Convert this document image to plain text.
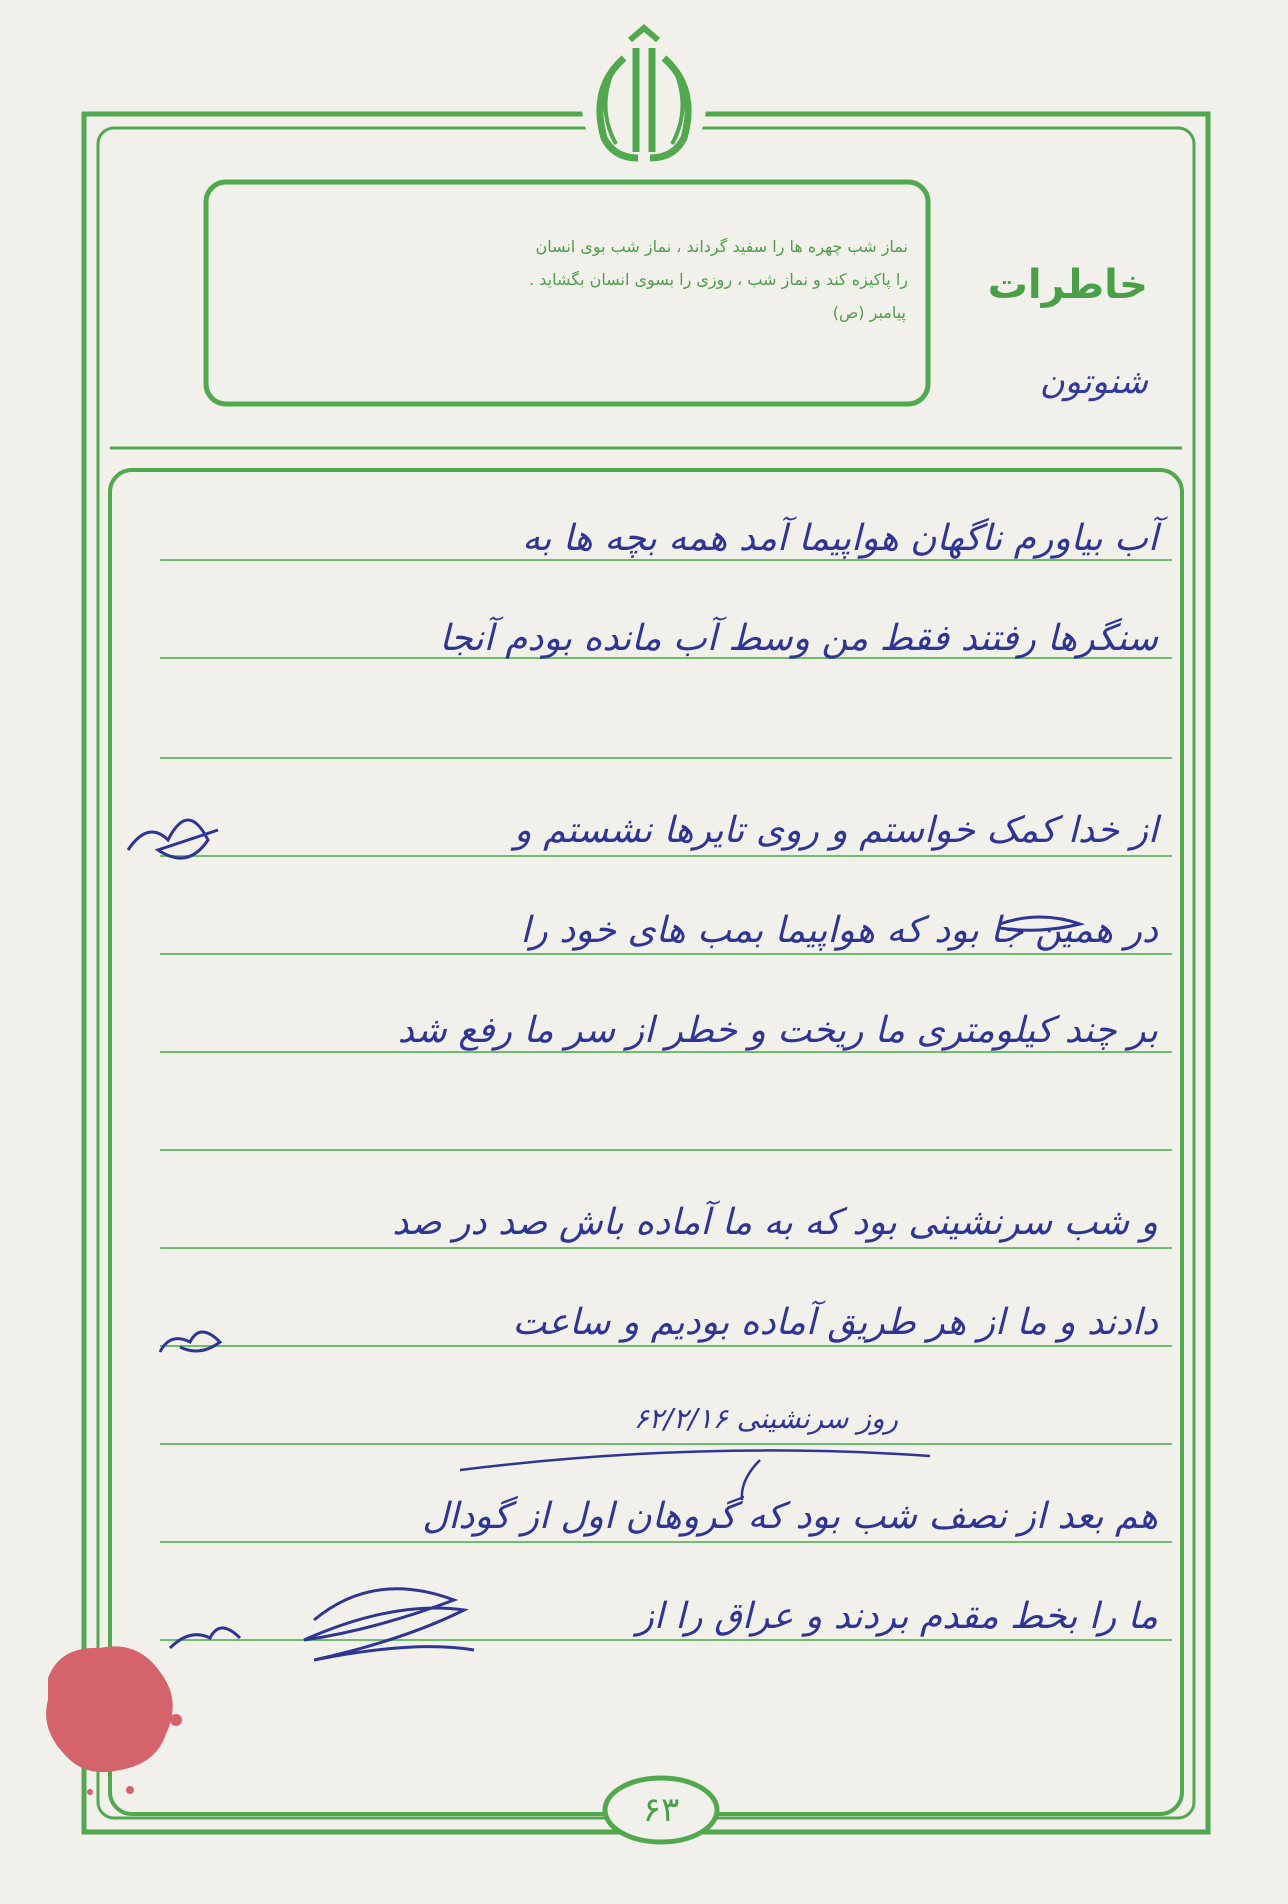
نماز شب چهره ها را سفید گرداند ، نماز شب بوی انسان
را پاکیزه کند و نماز شب ، روزی را بسوی انسان بگشاید .
پیامبر (ص)
خاطرات
شنوتون
آب بیاورم ناگهان هواپیما آمد همه بچه ها به
سنگرها رفتند فقط من وسط آب مانده بودم آنجا
از خدا کمک خواستم و روی تایرها نشستم و
در همین جا بود که هواپیما بمب های خود را
بر چند کیلومتری ما ریخت و خطر از سر ما رفع شد
و شب سرنشینی بود که به ما آماده باش صد در صد
دادند و ما از هر طریق آماده بودیم و ساعت
روز سرنشینی ۶۲/۲/۱۶
هم بعد از نصف شب بود که گروهان اول از گودال
ما را بخط مقدم بردند و عراق را از
۶۳
